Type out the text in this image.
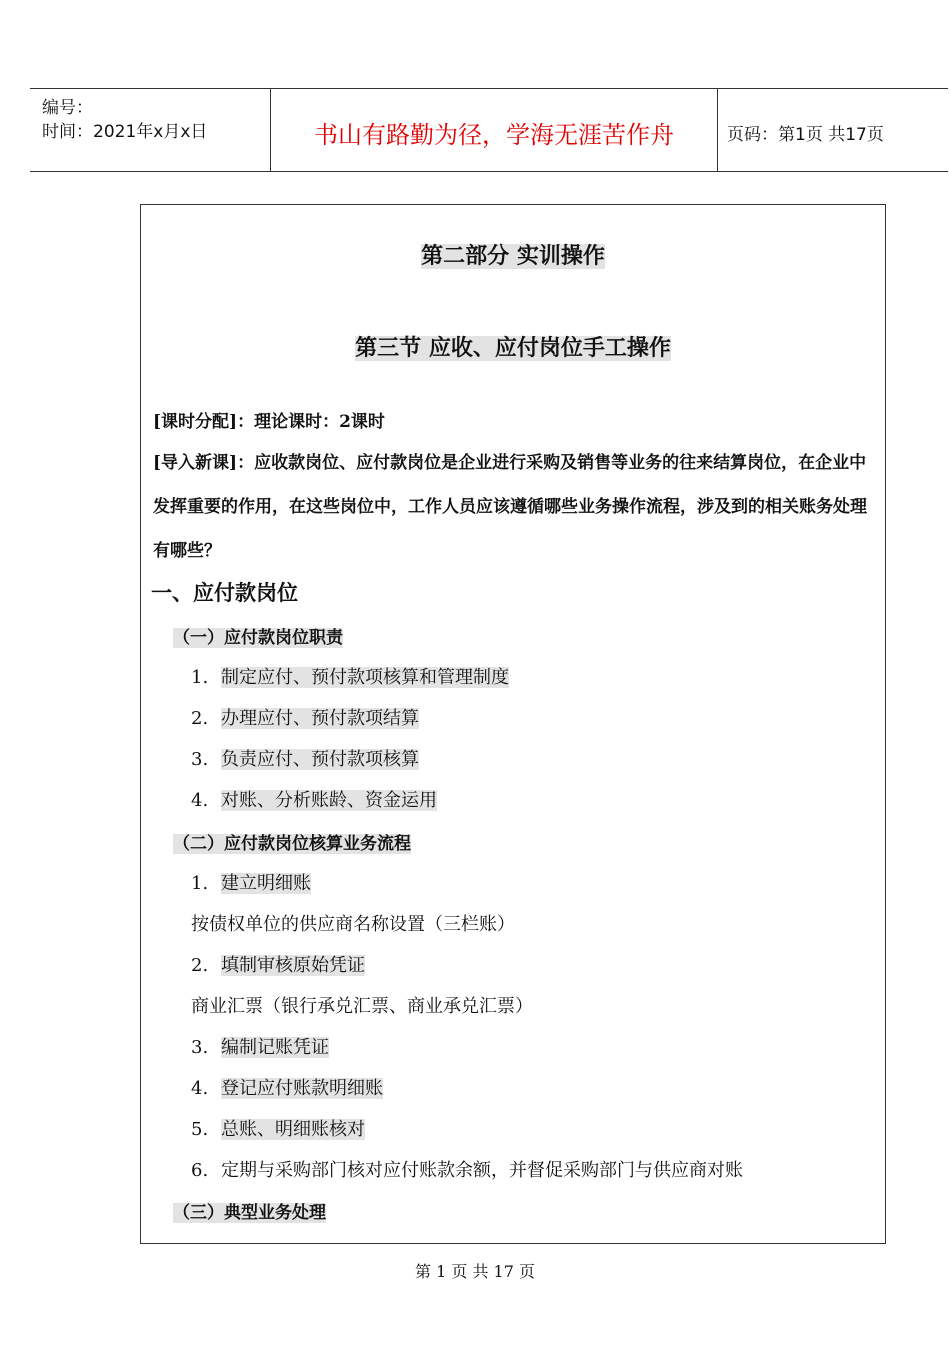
编号：
时间：2021年x月x日	书山有路勤为径，学海无涯苦作舟	页码：第1页 共17页
第二部分 实训操作
第三节 应收、应付岗位手工操作
[课时分配]：理论课时：2课时
[导入新课]：应收款岗位、应付款岗位是企业进行采购及销售等业务的往来结算岗位，在企业中发挥重要的作用，在这些岗位中，工作人员应该遵循哪些业务操作流程，涉及到的相关账务处理有哪些？
一、应付款岗位
（一）应付款岗位职责
1. 制定应付、预付款项核算和管理制度
2. 办理应付、预付款项结算
3. 负责应付、预付款项核算
4. 对账、分析账龄、资金运用
（二）应付款岗位核算业务流程
1. 建立明细账
按债权单位的供应商名称设置（三栏账）
2. 填制审核原始凭证
商业汇票（银行承兑汇票、商业承兑汇票）
3. 编制记账凭证
4. 登记应付账款明细账
5. 总账、明细账核对
6. 定期与采购部门核对应付账款余额，并督促采购部门与供应商对账
（三）典型业务处理
第 1 页 共 17 页
